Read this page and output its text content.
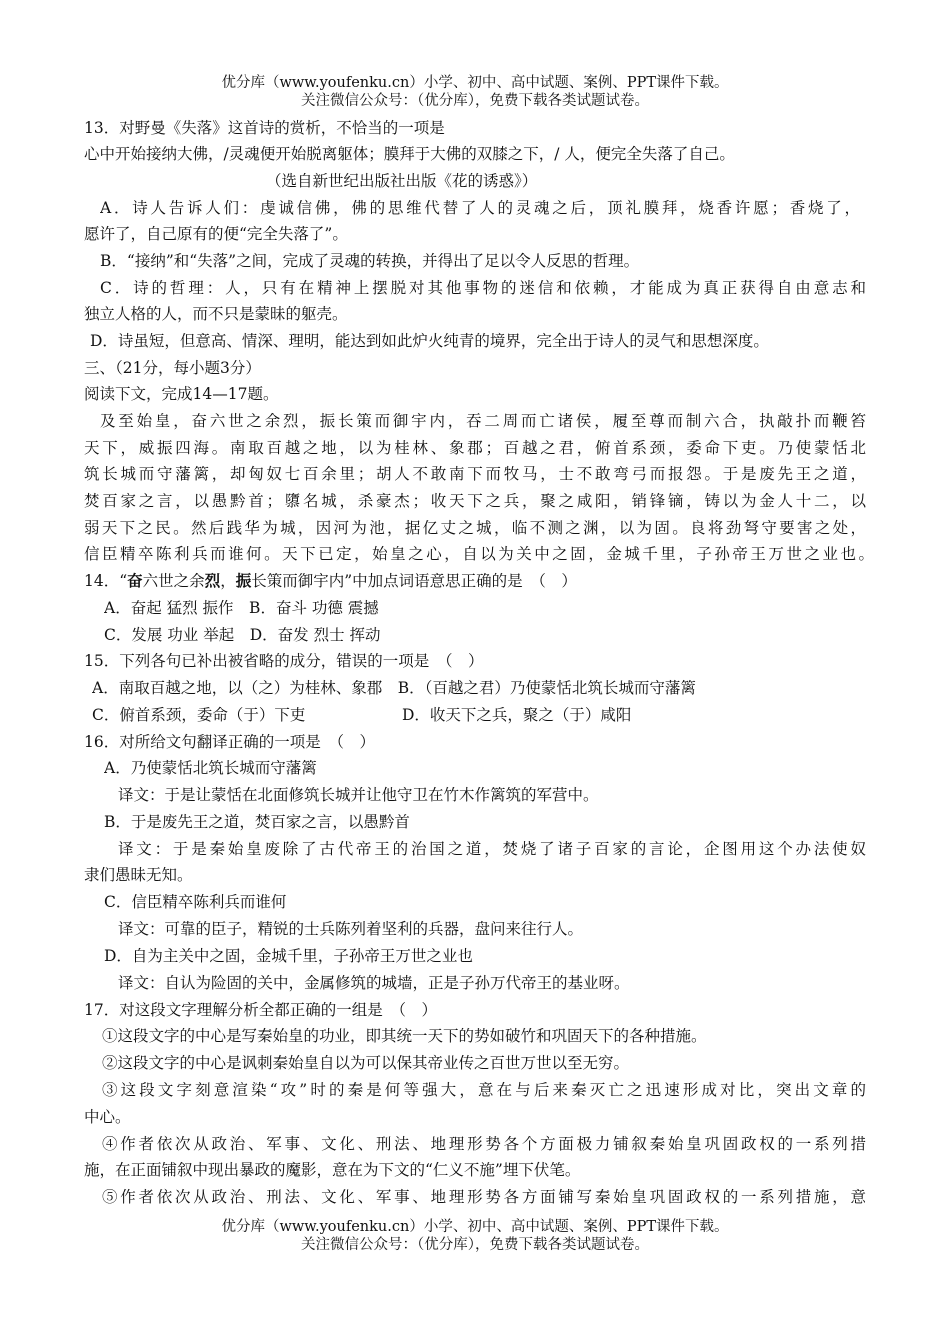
优分库（www.youfenku.cn）小学、初中、高中试题、案例、PPT课件下载。
关注微信公众号：（优分库），免费下载各类试题试卷。
13．对野曼《失落》这首诗的赏析，不恰当的一项是
心中开始接纳大佛，/灵魂便开始脱离躯体；膜拜于大佛的双膝之下，/ 人，便完全失落了自己。
（选自新世纪出版社出版《花的诱惑》）
A．诗人告诉人们：虔诚信佛，佛的思维代替了人的灵魂之后，顶礼膜拜，烧香许愿；香烧了，
愿许了，自己原有的便“完全失落了”。
B．“接纳”和“失落”之间，完成了灵魂的转换，并得出了足以令人反思的哲理。
C．诗的哲理：人，只有在精神上摆脱对其他事物的迷信和依赖，才能成为真正获得自由意志和
独立人格的人，而不只是蒙昧的躯壳。
D．诗虽短，但意高、情深、理明，能达到如此炉火纯青的境界，完全出于诗人的灵气和思想深度。
三、（21分，每小题3分）
阅读下文，完成14—17题。
及至始皇，奋六世之余烈，振长策而御宇内，吞二周而亡诸侯，履至尊而制六合，执敲扑而鞭笞
天下，威振四海。南取百越之地，以为桂林、象郡；百越之君，俯首系颈，委命下吏。乃使蒙恬北
筑长城而守藩篱，却匈奴七百余里；胡人不敢南下而牧马，士不敢弯弓而报怨。于是废先王之道，
焚百家之言，以愚黔首；隳名城，杀豪杰；收天下之兵，聚之咸阳，销锋镝，铸以为金人十二，以
弱天下之民。然后践华为城，因河为池，据亿丈之城，临不测之渊，以为固。良将劲弩守要害之处，
信臣精卒陈利兵而谁何。天下已定，始皇之心，自以为关中之固，金城千里，子孙帝王万世之业也。
14．“奋六世之余烈，振长策而御宇内”中加点词语意思正确的是　（　）
A．奋起 猛烈 振作　B．奋斗 功德 震撼
C．发展 功业 举起　D．奋发 烈士 挥动
15．下列各句已补出被省略的成分，错误的一项是　（　）
A．南取百越之地，以（之）为桂林、象郡　B．（百越之君）乃使蒙恬北筑长城而守藩篱
C．俯首系颈，委命（于）下吏	D．收天下之兵，聚之（于）咸阳
16．对所给文句翻译正确的一项是　（　）
A．乃使蒙恬北筑长城而守藩篱
译文：于是让蒙恬在北面修筑长城并让他守卫在竹木作篱筑的军营中。
B．于是废先王之道，焚百家之言，以愚黔首
译文：于是秦始皇废除了古代帝王的治国之道，焚烧了诸子百家的言论，企图用这个办法使奴
隶们愚昧无知。
C．信臣精卒陈利兵而谁何
译文：可靠的臣子，精锐的士兵陈列着坚利的兵器，盘问来往行人。
D．自为主关中之固，金城千里，子孙帝王万世之业也
译文：自认为险固的关中，金属修筑的城墙，正是子孙万代帝王的基业呀。
17．对这段文字理解分析全都正确的一组是　（　）
①这段文字的中心是写秦始皇的功业，即其统一天下的势如破竹和巩固天下的各种措施。
②这段文字的中心是讽刺秦始皇自以为可以保其帝业传之百世万世以至无穷。
③这段文字刻意渲染“攻”时的秦是何等强大，意在与后来秦灭亡之迅速形成对比，突出文章的
中心。
④作者依次从政治、军事、文化、刑法、地理形势各个方面极力铺叙秦始皇巩固政权的一系列措
施，在正面铺叙中现出暴政的魔影，意在为下文的“仁义不施”埋下伏笔。
⑤作者依次从政治、刑法、文化、军事、地理形势各方面铺写秦始皇巩固政权的一系列措施，意
优分库（www.youfenku.cn）小学、初中、高中试题、案例、PPT课件下载。
关注微信公众号：（优分库），免费下载各类试题试卷。
